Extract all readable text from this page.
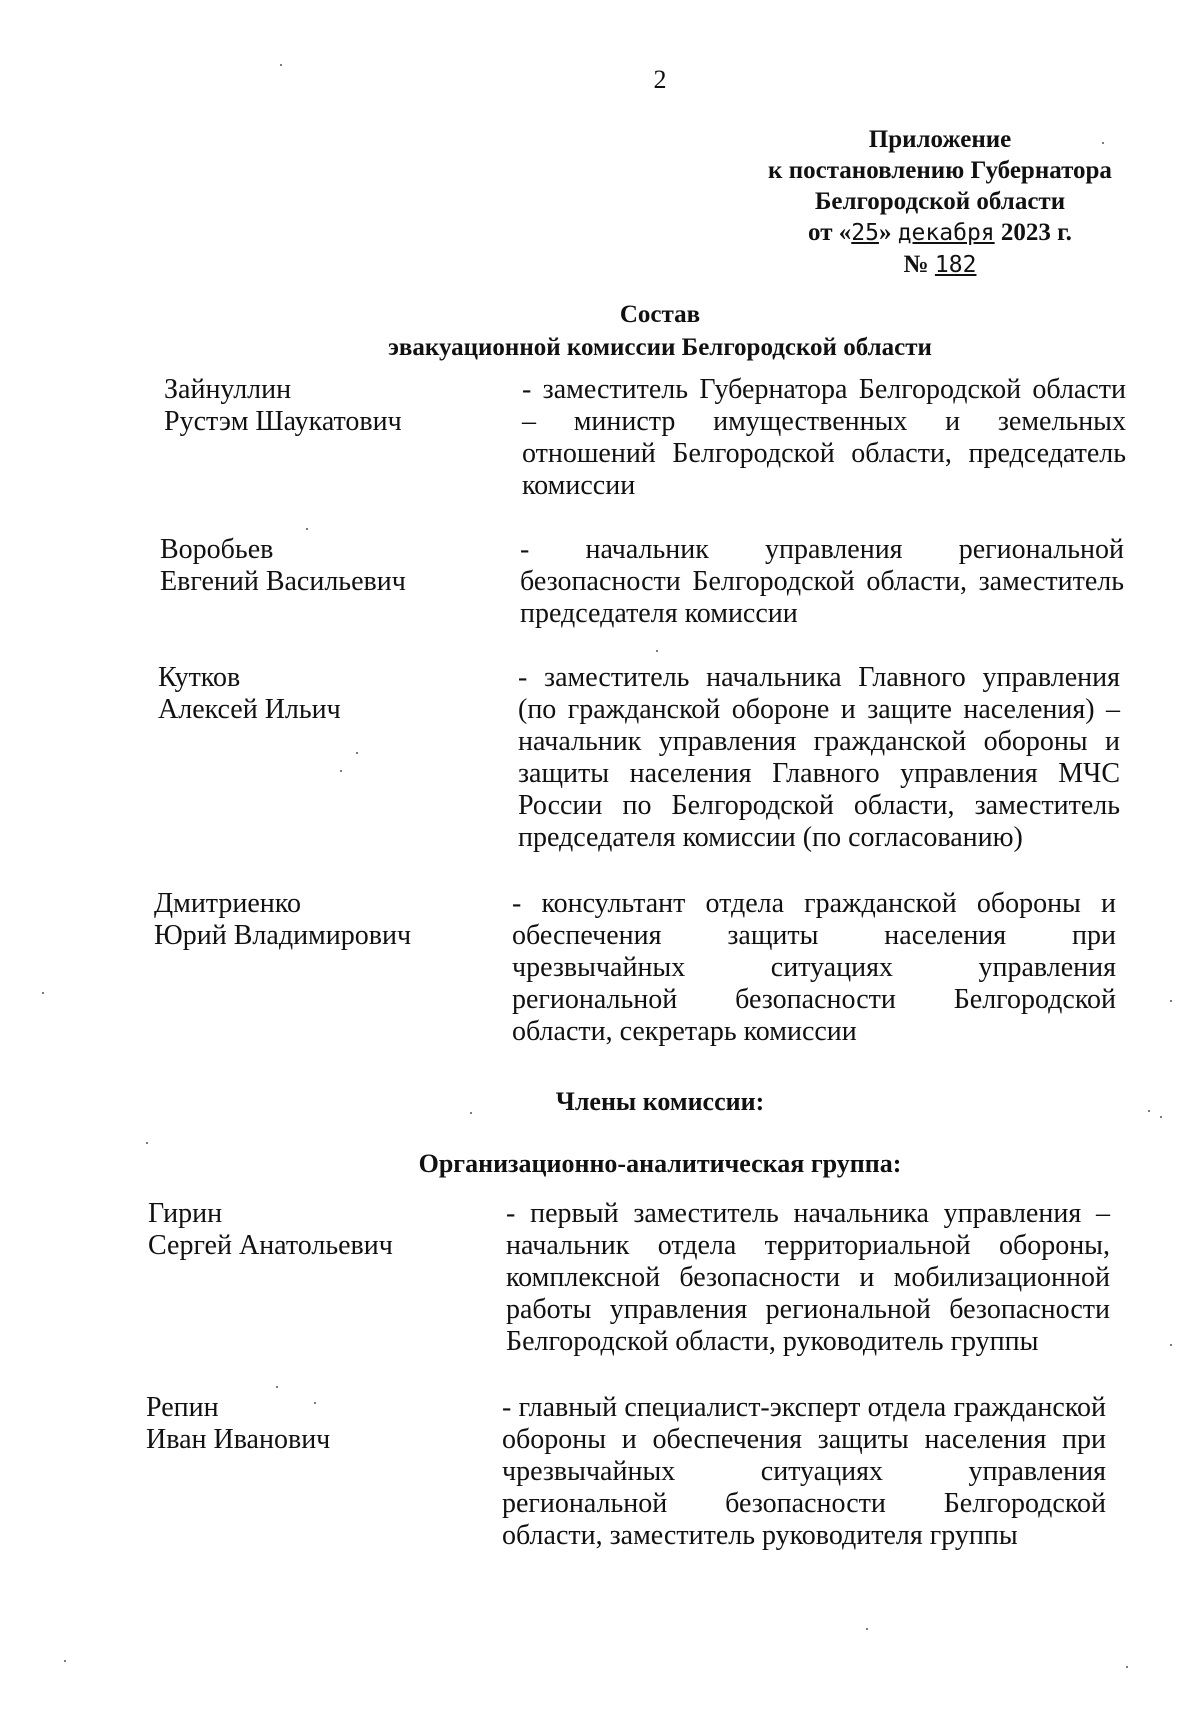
2
Приложение
к постановлению Губернатора
Белгородской области
от «25» декабря 2023 г.
№ 182
Состав
эвакуационной комиссии Белгородской области
Зайнуллин
Рустэм Шаукатович
- заместитель Губернатора Белгородской области – министр имущественных и земельных отношений Белгородской области, председатель комиссии
Воробьев
Евгений Васильевич
- начальник управления региональной безопасности Белгородской области, заместитель председателя комиссии
Кутков
Алексей Ильич
- заместитель начальника Главного управления (по гражданской обороне и защите населения) – начальник управления гражданской обороны и защиты населения Главного управления МЧС России по Белгородской области, заместитель председателя комиссии (по согласованию)
Дмитриенко
Юрий Владимирович
- консультант отдела гражданской обороны и обеспечения защиты населения при чрезвычайных ситуациях управления региональной безопасности Белгородской области, секретарь комиссии
Члены комиссии:
Организационно-аналитическая группа:
Гирин
Сергей Анатольевич
- первый заместитель начальника управления – начальник отдела территориальной обороны, комплексной безопасности и мобилизационной работы управления региональной безопасности Белгородской области, руководитель группы
Репин
Иван Иванович
- главный специалист-эксперт отдела гражданской обороны и обеспечения защиты населения при чрезвычайных ситуациях управления региональной безопасности Белгородской области, заместитель руководителя группы
